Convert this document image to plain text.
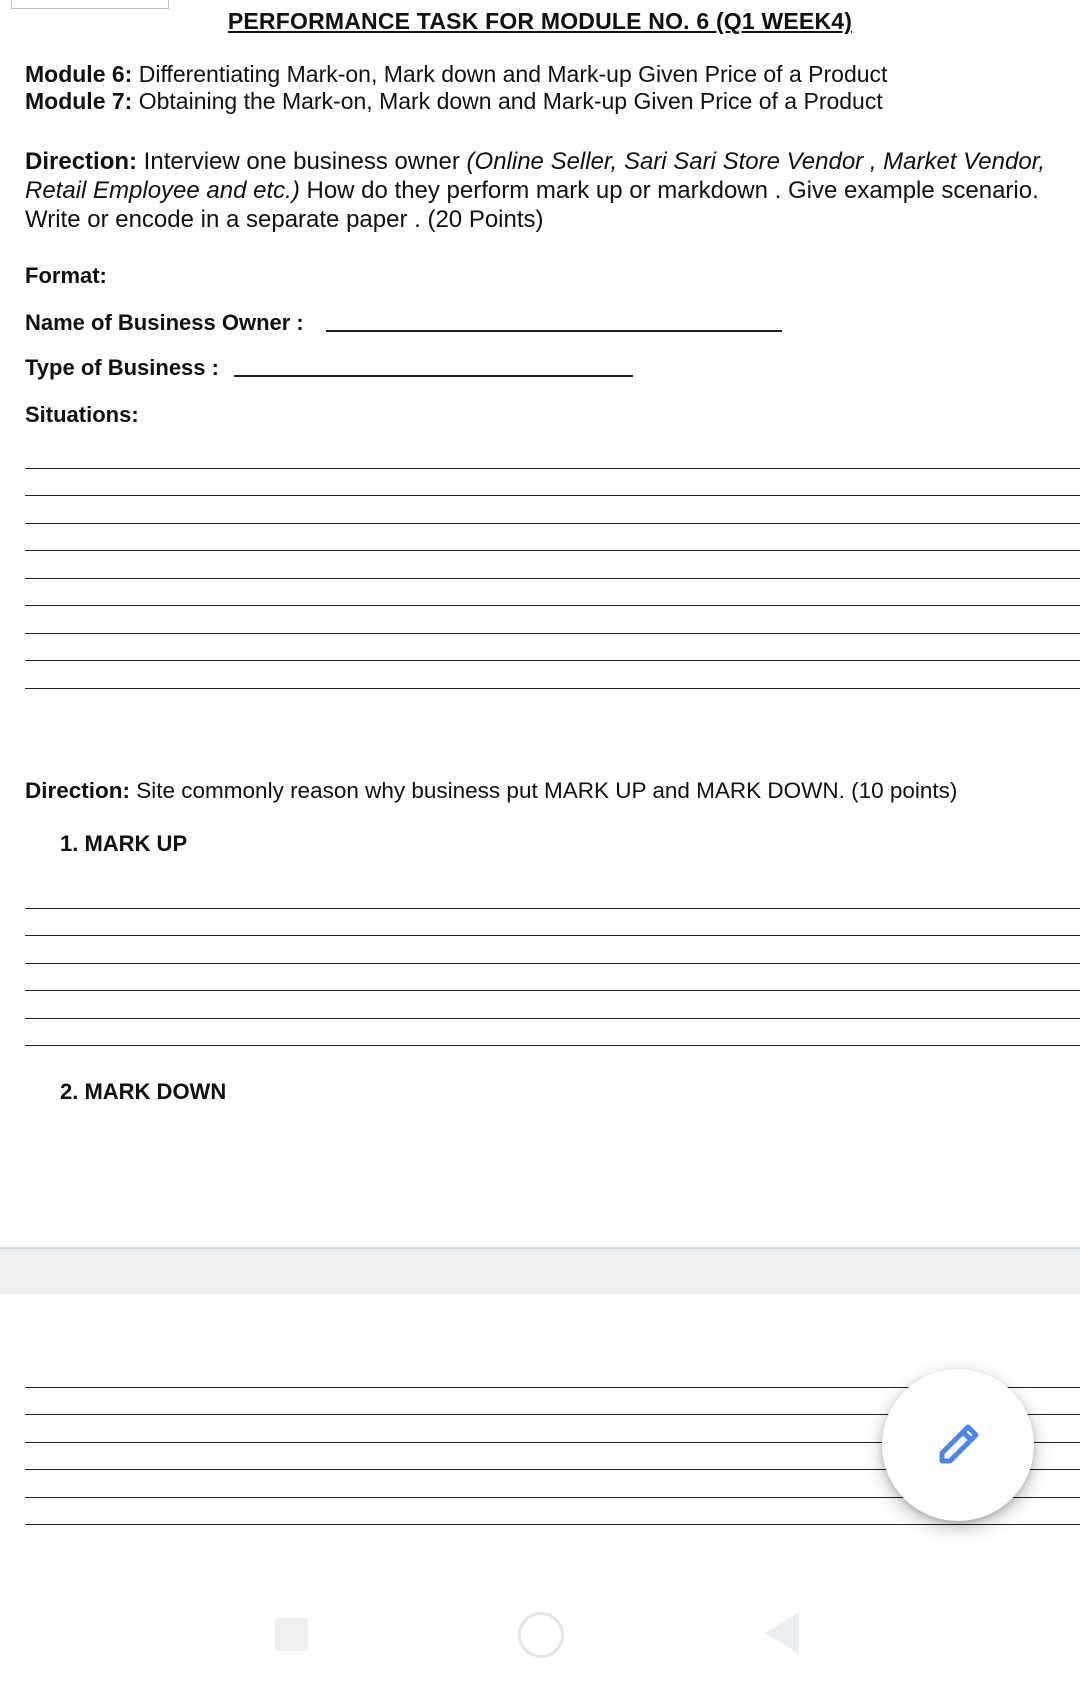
PERFORMANCE TASK FOR MODULE NO. 6 (Q1 WEEK4)
Module 6: Differentiating Mark-on, Mark down and Mark-up Given Price of a Product
Module 7: Obtaining the Mark-on, Mark down and Mark-up Given Price of a Product
Direction: Interview one business owner (Online Seller, Sari Sari Store Vendor , Market Vendor, Retail Employee and etc.) How do they perform mark up or markdown . Give example scenario. Write or encode in a separate paper . (20 Points)
Format:
Name of Business Owner :
Type of Business :
Situations:
Direction: Site commonly reason why business put MARK UP and MARK DOWN. (10 points)
1. MARK UP
2. MARK DOWN
